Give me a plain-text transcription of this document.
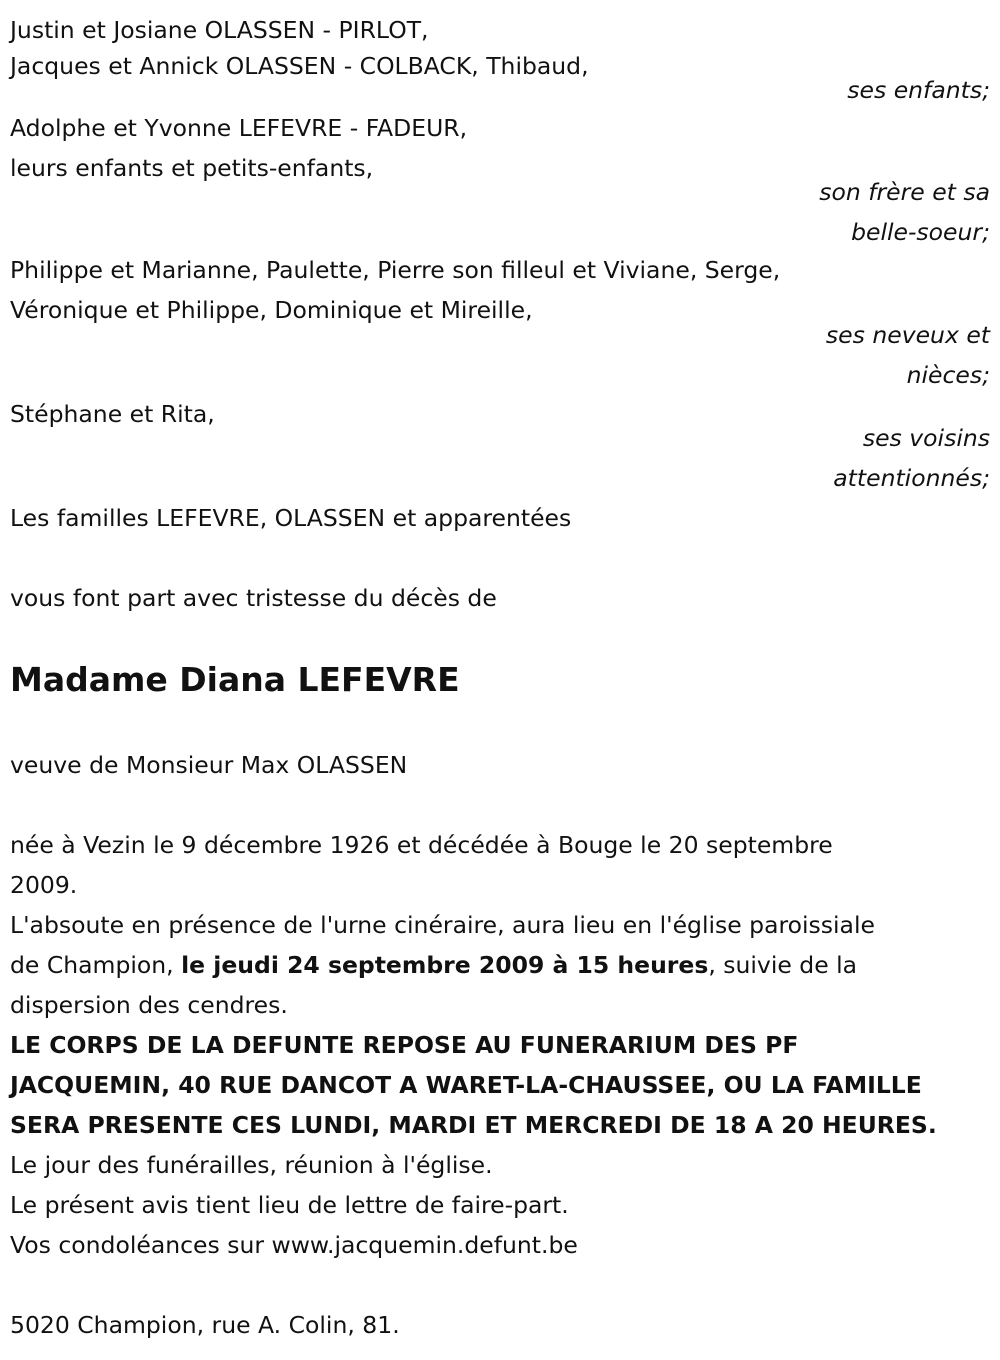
Justin et Josiane OLASSEN - PIRLOT,
Jacques et Annick OLASSEN - COLBACK, Thibaud,
ses enfants;
Adolphe et Yvonne LEFEVRE - FADEUR,
leurs enfants et petits-enfants,
son frère et sa
belle-soeur;
Philippe et Marianne, Paulette, Pierre son filleul et Viviane, Serge,
Véronique et Philippe, Dominique et Mireille,
ses neveux et
nièces;
Stéphane et Rita,
ses voisins
attentionnés;
Les familles LEFEVRE, OLASSEN et apparentées
vous font part avec tristesse du décès de
Madame Diana LEFEVRE
veuve de Monsieur Max OLASSEN
née à Vezin le 9 décembre 1926 et décédée à Bouge le 20 septembre
2009.
L'absoute en présence de l'urne cinéraire, aura lieu en l'église paroissiale
de Champion, le jeudi 24 septembre 2009 à 15 heures, suivie de la
dispersion des cendres.
LE CORPS DE LA DEFUNTE REPOSE AU FUNERARIUM DES PF
JACQUEMIN, 40 RUE DANCOT A WARET-LA-CHAUSSEE, OU LA FAMILLE
SERA PRESENTE CES LUNDI, MARDI ET MERCREDI DE 18 A 20 HEURES.
Le jour des funérailles, réunion à l'église.
Le présent avis tient lieu de lettre de faire-part.
Vos condoléances sur www.jacquemin.defunt.be
5020 Champion, rue A. Colin, 81.
